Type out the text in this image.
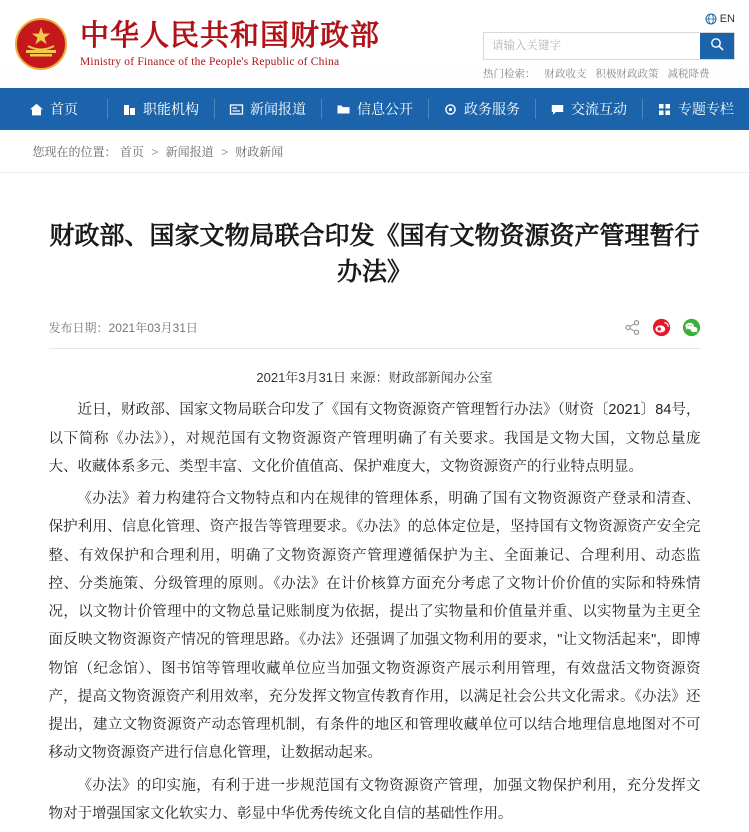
中华人民共和国财政部
Ministry of Finance of the People's Republic of China
EN
请输入关键字
热门检索： 财政收支 积极财政政策 减税降费
首页	职能机构	新闻报道	信息公开	政务服务	交流互动	专题专栏
您现在的位置： 首页 > 新闻报道 > 财政新闻
财政部、国家文物局联合印发《国有文物资源资产管理暂行办法》
发布日期：2021年03月31日
2021年3月31日 来源：财政部新闻办公室

近日，财政部、国家文物局联合印发了《国有文物资源资产管理暂行办法》（财资〔2021〕84号，以下简称《办法》），对规范国有文物资源资产管理明确了有关要求。我国是文物大国，文物总量庞大、收藏体系多元、类型丰富、文化价值值高、保护难度大，文物资源资产的行业特点明显。

《办法》着力构建符合文物特点和内在规律的管理体系，明确了国有文物资源资产登录和清查、保护利用、信息化管理、资产报告等管理要求。《办法》的总体定位是，坚持国有文物资源资产安全完整、有效保护和合理利用，明确了文物资源资产管理遵循保护为主、全面兼记、合理利用、动态监控、分类施策、分级管理的原则。《办法》在计价核算方面充分考虑了文物计价价值的实际和特殊情况，以文物计价管理中的文物总量记账制度为依据，提出了实物量和价值量并重、以实物量为主更全面反映文物资源资产情况的管理思路。《办法》还强调了加强文物利用的要求，"让文物活起来"，即博物馆（纪念馆）、图书馆等管理收藏单位应当加强文物资源资产展示利用管理，有效盘活文物资源资产，提高文物资源资产利用效率，充分发挥文物宣传教育作用，以满足社会公共文化需求。《办法》还提出，建立文物资源资产动态管理机制，有条件的地区和管理收藏单位可以结合地理信息地图对不可移动文物资源资产进行信息化管理，让数据动起来。

《办法》的印实施，有利于进一步规范国有文物资源资产管理，加强文物保护利用，充分发挥文物对于增强国家文化软实力、彰显中华优秀传统文化自信的基础性作用。
